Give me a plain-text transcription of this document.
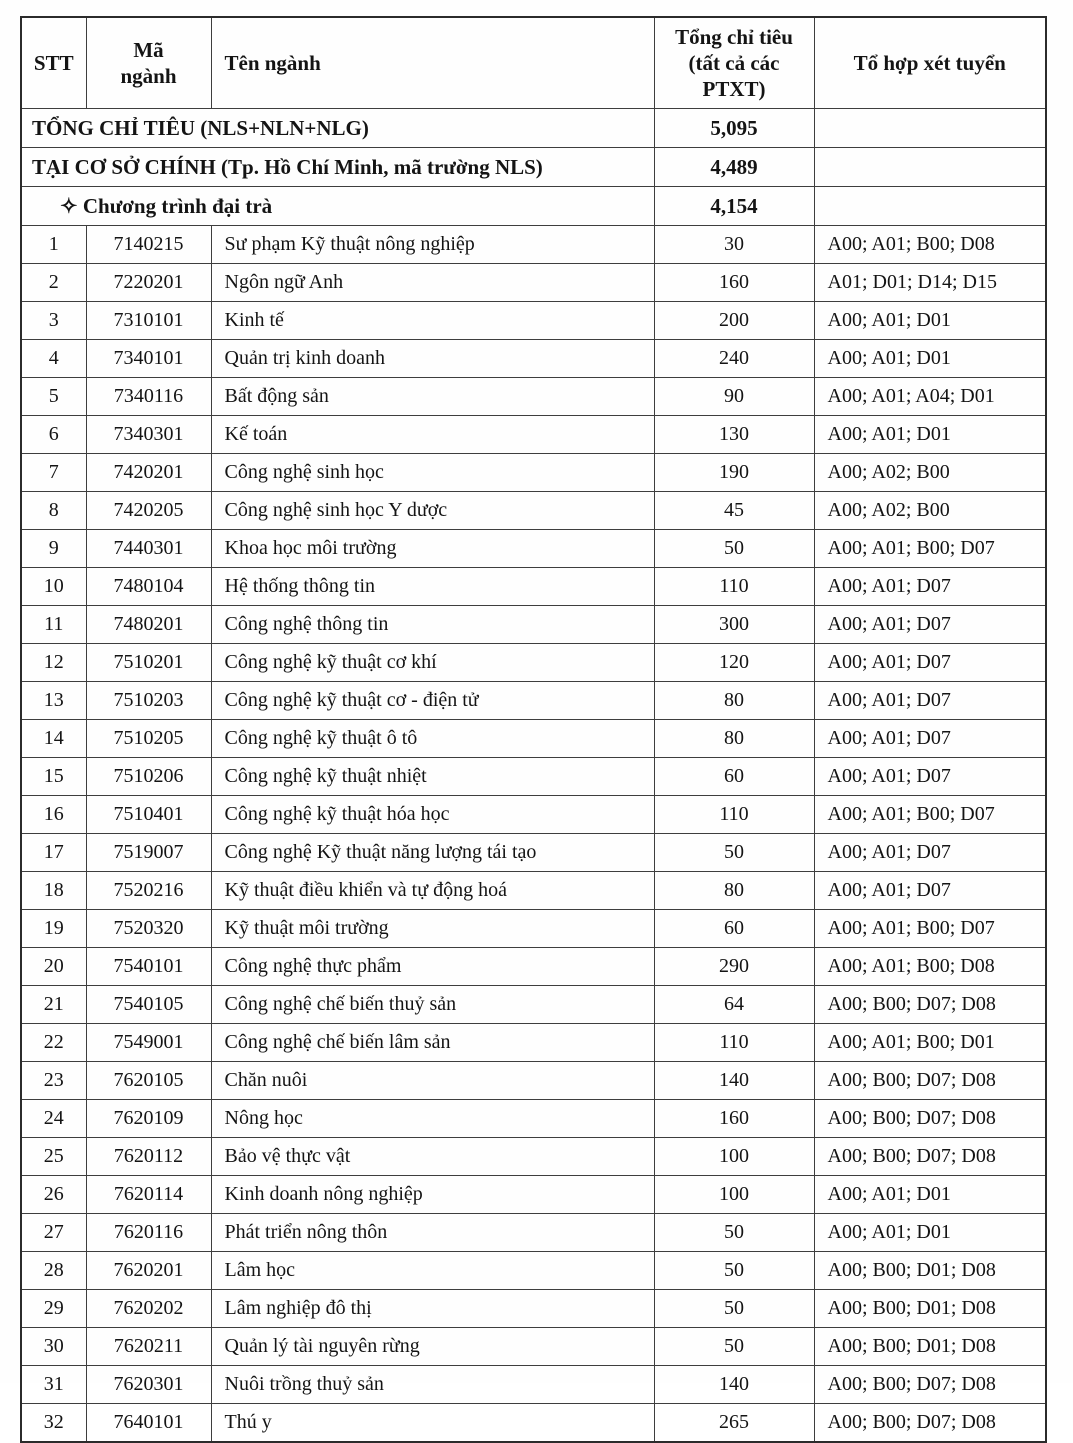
STT	Mã ngành	Tên ngành	Tổng chỉ tiêu (tất cả các PTXT)	Tổ hợp xét tuyển
TỔNG CHỈ TIÊU (NLS+NLN+NLG)			5,095	
TẠI CƠ SỞ CHÍNH (Tp. Hồ Chí Minh, mã trường NLS)			4,489	
✧ Chương trình đại trà			4,154	
1	7140215	Sư phạm Kỹ thuật nông nghiệp	30	A00; A01; B00; D08
2	7220201	Ngôn ngữ Anh	160	A01; D01; D14; D15
3	7310101	Kinh tế	200	A00; A01; D01
4	7340101	Quản trị kinh doanh	240	A00; A01; D01
5	7340116	Bất động sản	90	A00; A01; A04; D01
6	7340301	Kế toán	130	A00; A01; D01
7	7420201	Công nghệ sinh học	190	A00; A02; B00
8	7420205	Công nghệ sinh học Y dược	45	A00; A02; B00
9	7440301	Khoa học môi trường	50	A00; A01; B00; D07
10	7480104	Hệ thống thông tin	110	A00; A01; D07
11	7480201	Công nghệ thông tin	300	A00; A01; D07
12	7510201	Công nghệ kỹ thuật cơ khí	120	A00; A01; D07
13	7510203	Công nghệ kỹ thuật cơ - điện tử	80	A00; A01; D07
14	7510205	Công nghệ kỹ thuật ô tô	80	A00; A01; D07
15	7510206	Công nghệ kỹ thuật nhiệt	60	A00; A01; D07
16	7510401	Công nghệ kỹ thuật hóa học	110	A00; A01; B00; D07
17	7519007	Công nghệ Kỹ thuật năng lượng tái tạo	50	A00; A01; D07
18	7520216	Kỹ thuật điều khiển và tự động hoá	80	A00; A01; D07
19	7520320	Kỹ thuật môi trường	60	A00; A01; B00; D07
20	7540101	Công nghệ thực phẩm	290	A00; A01; B00; D08
21	7540105	Công nghệ chế biến thuỷ sản	64	A00; B00; D07; D08
22	7549001	Công nghệ chế biến lâm sản	110	A00; A01; B00; D01
23	7620105	Chăn nuôi	140	A00; B00; D07; D08
24	7620109	Nông học	160	A00; B00; D07; D08
25	7620112	Bảo vệ thực vật	100	A00; B00; D07; D08
26	7620114	Kinh doanh nông nghiệp	100	A00; A01; D01
27	7620116	Phát triển nông thôn	50	A00; A01; D01
28	7620201	Lâm học	50	A00; B00; D01; D08
29	7620202	Lâm nghiệp đô thị	50	A00; B00; D01; D08
30	7620211	Quản lý tài nguyên rừng	50	A00; B00; D01; D08
31	7620301	Nuôi trồng thuỷ sản	140	A00; B00; D07; D08
32	7640101	Thú y	265	A00; B00; D07; D08
